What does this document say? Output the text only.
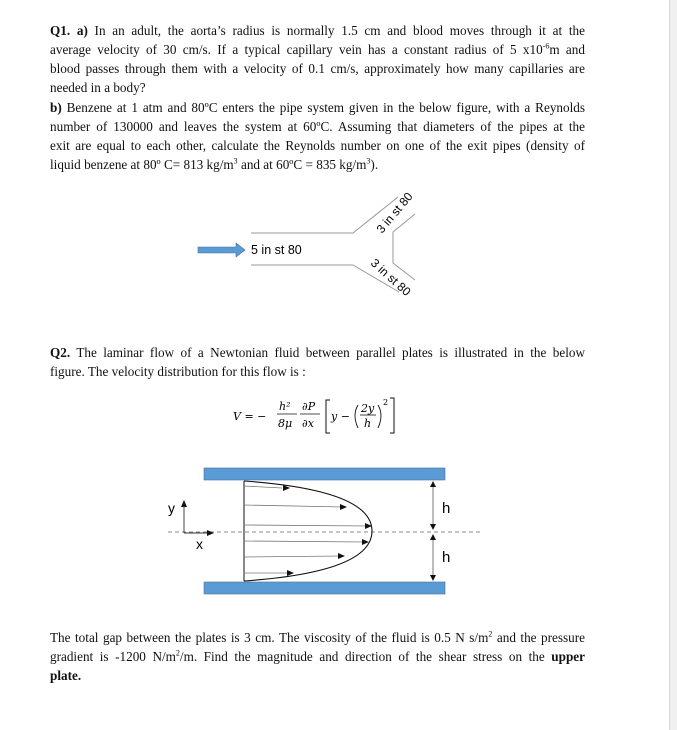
Q1. a) In an adult, the aorta’s radius is normally 1.5 cm and blood moves through it at the
average velocity of 30 cm/s. If a typical capillary vein has a constant radius of 5 $x10^{-6}m$ and
blood passes through them with a velocity of 0.1 cm/s, approximately how many capillaries are
needed in a body?
b) Benzene at 1 atm and 80ºC enters the pipe system given in the below figure, with a Reynolds
number of 130000 and leaves the system at 60ºC. Assuming that diameters of the pipes at the
exit are equal to each other, calculate the Reynolds number on one of the exit pipes (density of
liquid benzene at 80º C= 813 $kg/m^3$ and at 60ºC = 835 $kg/m^3$).
5 in st 80
3 in st 80
3 in st 80
V = −
h²
8μ
∂P
∂x
y −
2y
h
2
y
x
h
h
Q2. The laminar flow of a Newtonian fluid between parallel plates is illustrated in the below
figure. The velocity distribution for this flow is :
The total gap between the plates is 3 cm. The viscosity of the fluid is 0.5 N $s/m^2$ and the pressure
gradient is -1200 $N/m^2/m$. Find the magnitude and direction of the shear stress on the upper
plate.
